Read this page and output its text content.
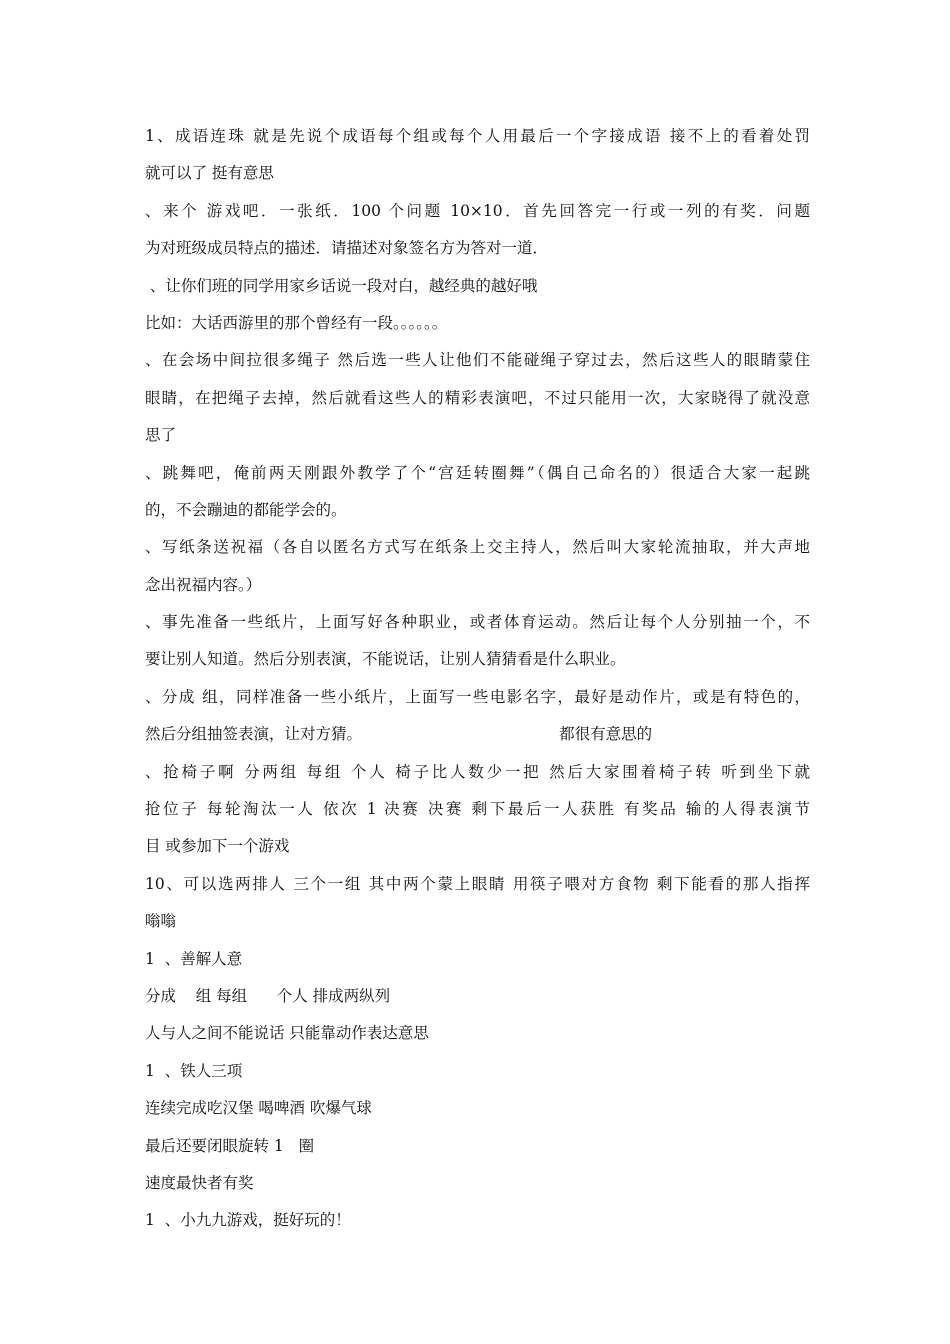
1、成语连珠 就是先说个成语每个组或每个人用最后一个字接成语 接不上的看着处罚
就可以了 挺有意思
、来个 游戏吧．一张纸．100 个问题 10×10．首先回答完一行或一列的有奖．问题
为对班级成员特点的描述．请描述对象签名方为答对一道．
、让你们班的同学用家乡话说一段对白，越经典的越好哦
比如：大话西游里的那个曾经有一段。。。。。。
、在会场中间拉很多绳子 然后选一些人让他们不能碰绳子穿过去，然后这些人的眼睛蒙住
眼睛，在把绳子去掉，然后就看这些人的精彩表演吧，不过只能用一次，大家晓得了就没意
思了
、跳舞吧，俺前两天刚跟外教学了个“宫廷转圈舞”（偶自己命名的）很适合大家一起跳
的，不会蹦迪的都能学会的。
、写纸条送祝福（各自以匿名方式写在纸条上交主持人，然后叫大家轮流抽取，并大声地
念出祝福内容。）
、事先准备一些纸片，上面写好各种职业，或者体育运动。然后让每个人分别抽一个，不
要让别人知道。然后分别表演，不能说话，让别人猜猜看是什么职业。
、分成 组，同样准备一些小纸片，上面写一些电影名字，最好是动作片，或是有特色的，
然后分组抽签表演，让对方猜。                                        都很有意思的
、抢椅子啊 分两组 每组 个人 椅子比人数少一把 然后大家围着椅子转 听到坐下就
抢位子 每轮淘汰一人 依次 1 决赛 决赛 剩下最后一人获胜 有奖品 输的人得表演节
目 或参加下一个游戏
10、可以选两排人 三个一组 其中两个蒙上眼睛 用筷子喂对方食物 剩下能看的那人指挥
嗡嗡
1  、善解人意
分成    组 每组      个人 排成两纵列
人与人之间不能说话 只能靠动作表达意思
1  、铁人三项
连续完成吃汉堡 喝啤酒 吹爆气球
最后还要闭眼旋转 1   圈
速度最快者有奖
1  、小九九游戏，挺好玩的！
